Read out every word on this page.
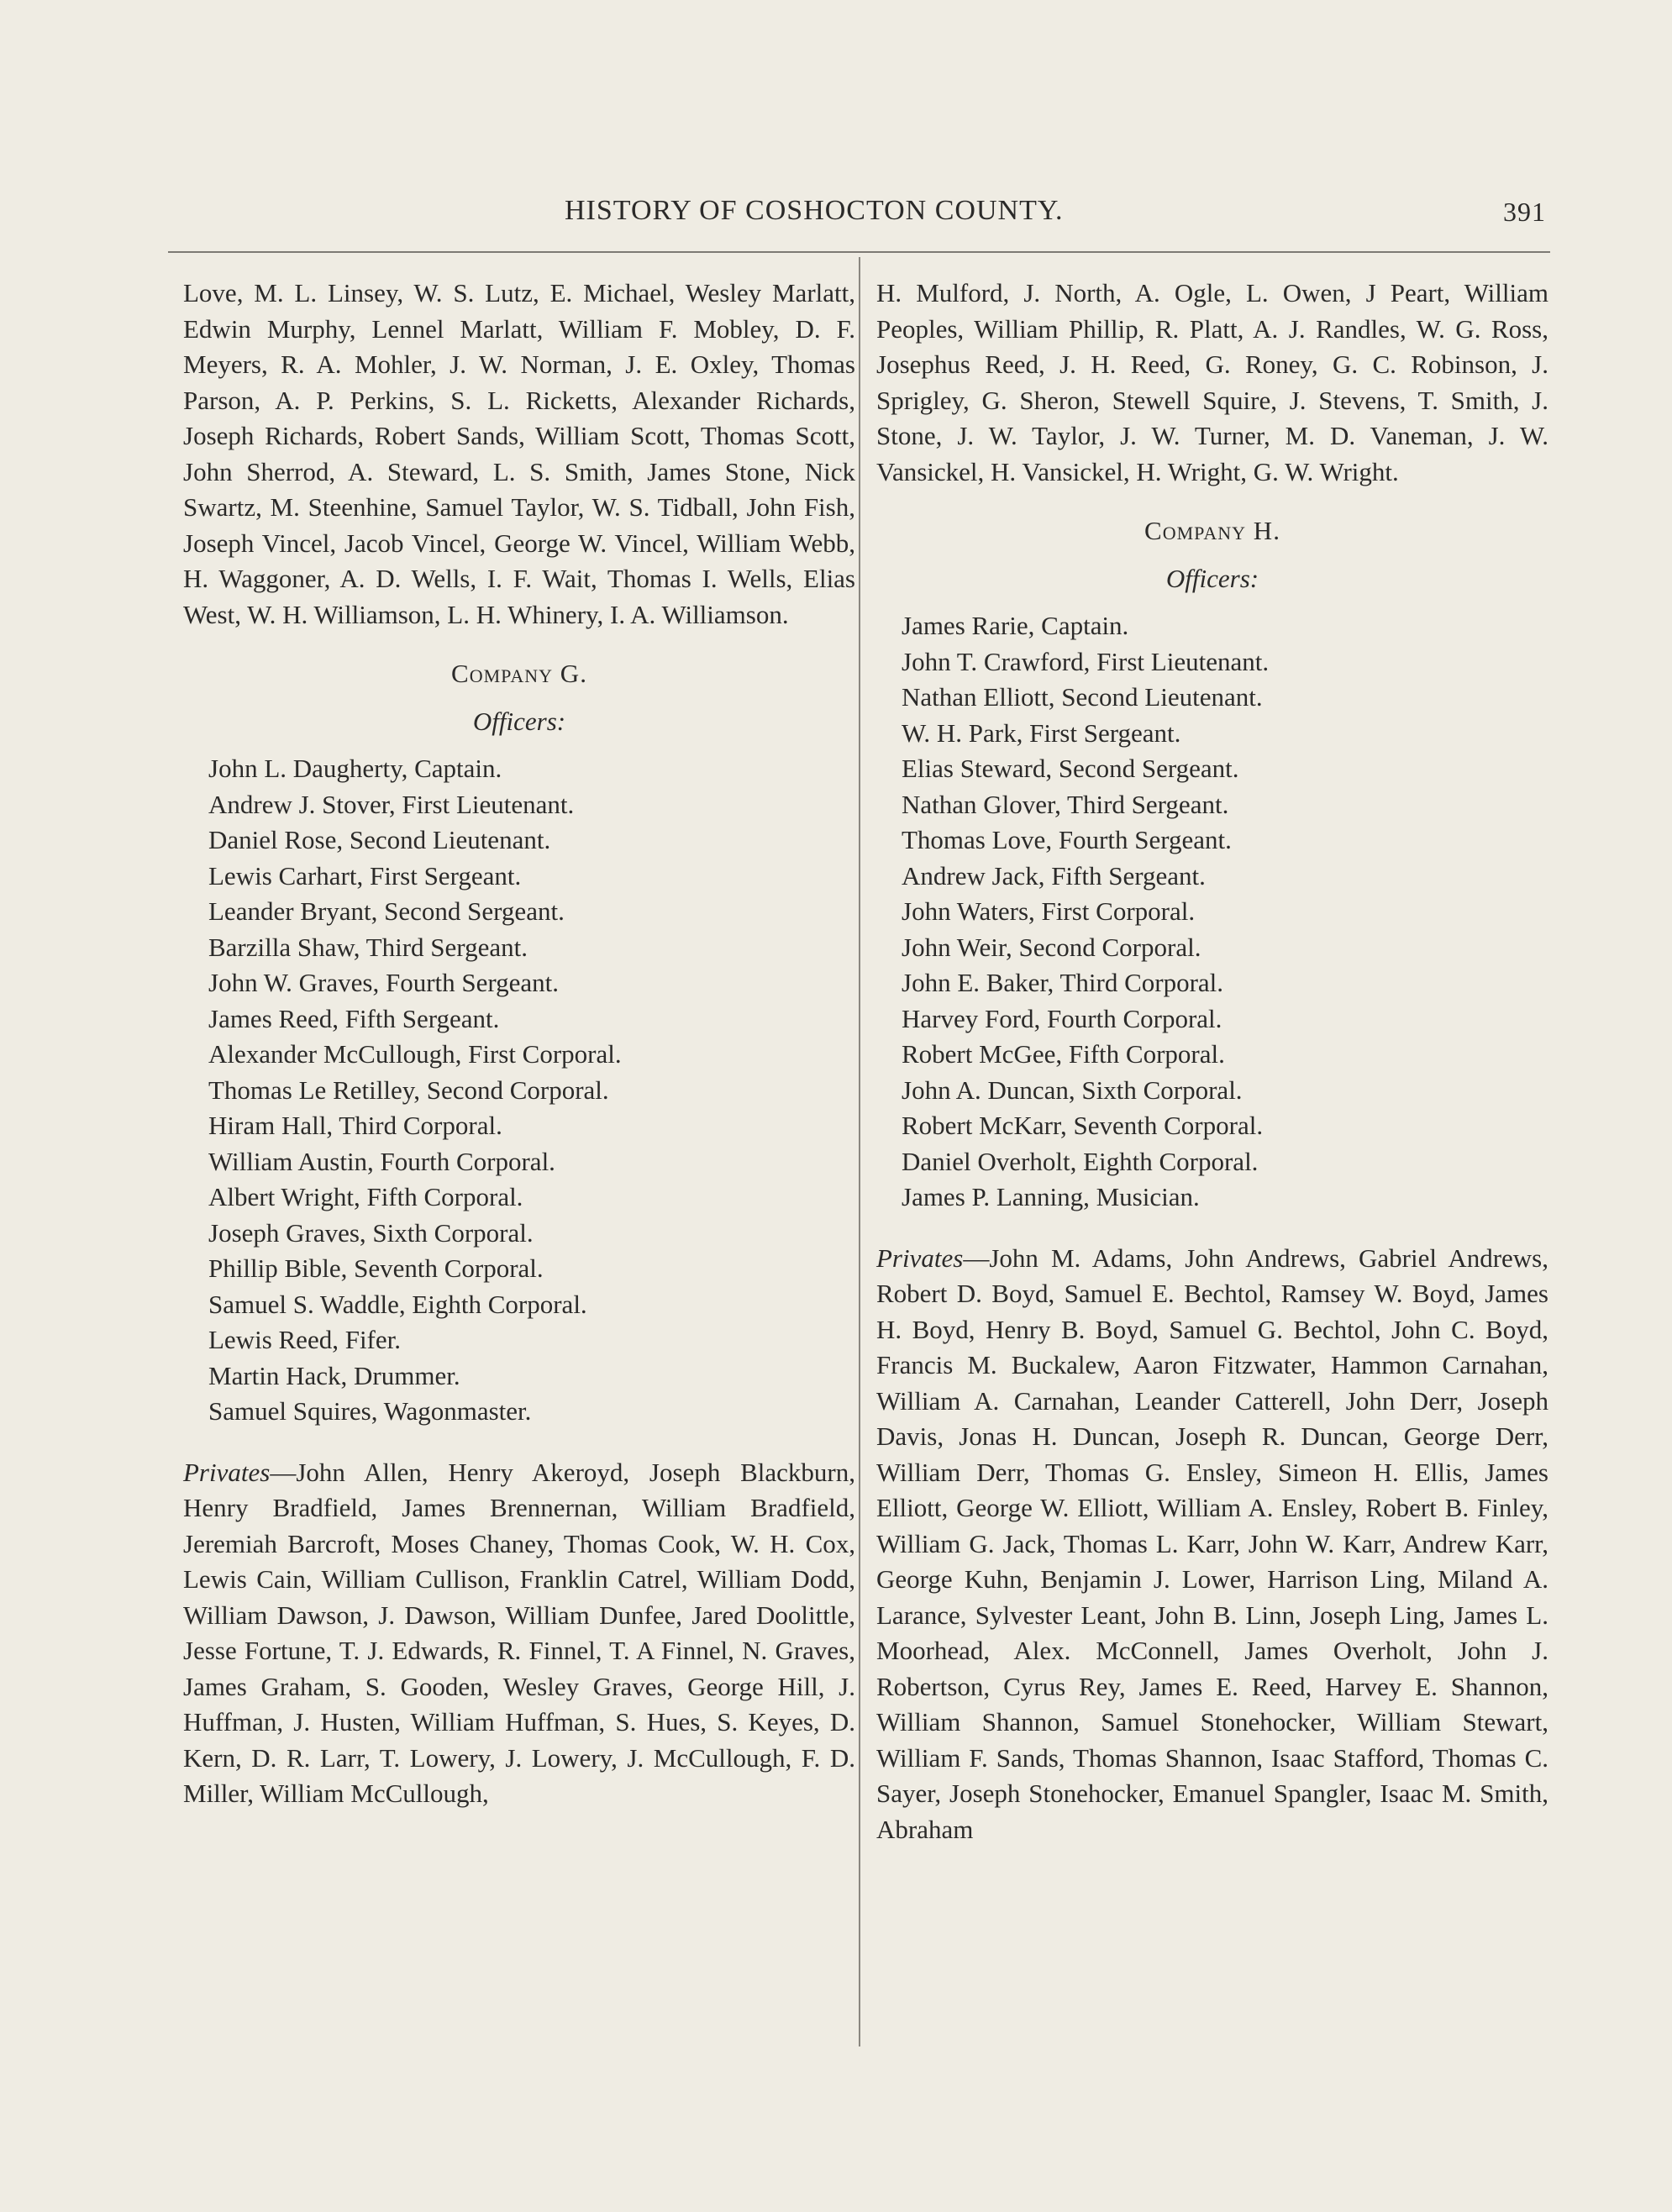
HISTORY OF COSHOCTON COUNTY.	391

Love, M. L. Linsey, W. S. Lutz, E. Michael, Wesley Marlatt, Edwin Murphy, Lennel Marlatt, William F. Mobley, D. F. Meyers, R. A. Mohler, J. W. Norman, J. E. Oxley, Thomas Parson, A. P. Perkins, S. L. Ricketts, Alexander Richards, Joseph Richards, Robert Sands, William Scott, Thomas Scott, John Sherrod, A. Steward, L. S. Smith, James Stone, Nick Swartz, M. Steenhine, Samuel Taylor, W. S. Tidball, John Fish, Joseph Vincel, Jacob Vincel, George W. Vincel, William Webb, H. Waggoner, A. D. Wells, I. F. Wait, Thomas I. Wells, Elias West, W. H. Williamson, L. H. Whinery, I. A. Williamson.

Company G.
Officers:
John L. Daugherty, Captain.
Andrew J. Stover, First Lieutenant.
Daniel Rose, Second Lieutenant.
Lewis Carhart, First Sergeant.
Leander Bryant, Second Sergeant.
Barzilla Shaw, Third Sergeant.
John W. Graves, Fourth Sergeant.
James Reed, Fifth Sergeant.
Alexander McCullough, First Corporal.
Thomas Le Retilley, Second Corporal.
Hiram Hall, Third Corporal.
William Austin, Fourth Corporal.
Albert Wright, Fifth Corporal.
Joseph Graves, Sixth Corporal.
Phillip Bible, Seventh Corporal.
Samuel S. Waddle, Eighth Corporal.
Lewis Reed, Fifer.
Martin Hack, Drummer.
Samuel Squires, Wagonmaster.

Privates—John Allen, Henry Akeroyd, Joseph Blackburn, Henry Bradfield, James Brennernan, William Bradfield, Jeremiah Barcroft, Moses Chaney, Thomas Cook, W. H. Cox, Lewis Cain, William Cullison, Franklin Catrel, William Dodd, William Dawson, J. Dawson, William Dunfee, Jared Doolittle, Jesse Fortune, T. J. Edwards, R. Finnel, T. A Finnel, N. Graves, James Graham, S. Gooden, Wesley Graves, George Hill, J. Huffman, J. Husten, William Huffman, S. Hues, S. Keyes, D. Kern, D. R. Larr, T. Lowery, J. Lowery, J. McCullough, F. D. Miller, William McCullough,

H. Mulford, J. North, A. Ogle, L. Owen, J Peart, William Peoples, William Phillip, R. Platt, A. J. Randles, W. G. Ross, Josephus Reed, J. H. Reed, G. Roney, G. C. Robinson, J. Sprigley, G. Sheron, Stewell Squire, J. Stevens, T. Smith, J. Stone, J. W. Taylor, J. W. Turner, M. D. Vaneman, J. W. Vansickel, H. Vansickel, H. Wright, G. W. Wright.

Company H.
Officers:
James Rarie, Captain.
John T. Crawford, First Lieutenant.
Nathan Elliott, Second Lieutenant.
W. H. Park, First Sergeant.
Elias Steward, Second Sergeant.
Nathan Glover, Third Sergeant.
Thomas Love, Fourth Sergeant.
Andrew Jack, Fifth Sergeant.
John Waters, First Corporal.
John Weir, Second Corporal.
John E. Baker, Third Corporal.
Harvey Ford, Fourth Corporal.
Robert McGee, Fifth Corporal.
John A. Duncan, Sixth Corporal.
Robert McKarr, Seventh Corporal.
Daniel Overholt, Eighth Corporal.
James P. Lanning, Musician.

Privates—John M. Adams, John Andrews, Gabriel Andrews, Robert D. Boyd, Samuel E. Bechtol, Ramsey W. Boyd, James H. Boyd, Henry B. Boyd, Samuel G. Bechtol, John C. Boyd, Francis M. Buckalew, Aaron Fitzwater, Hammon Carnahan, William A. Carnahan, Leander Catterell, John Derr, Joseph Davis, Jonas H. Duncan, Joseph R. Duncan, George Derr, William Derr, Thomas G. Ensley, Simeon H. Ellis, James Elliott, George W. Elliott, William A. Ensley, Robert B. Finley, William G. Jack, Thomas L. Karr, John W. Karr, Andrew Karr, George Kuhn, Benjamin J. Lower, Harrison Ling, Miland A. Larance, Sylvester Leant, John B. Linn, Joseph Ling, James L. Moorhead, Alex. McConnell, James Overholt, John J. Robertson, Cyrus Rey, James E. Reed, Harvey E. Shannon, William Shannon, Samuel Stonehocker, William Stewart, William F. Sands, Thomas Shannon, Isaac Stafford, Thomas C. Sayer, Joseph Stonehocker, Emanuel Spangler, Isaac M. Smith, Abraham
